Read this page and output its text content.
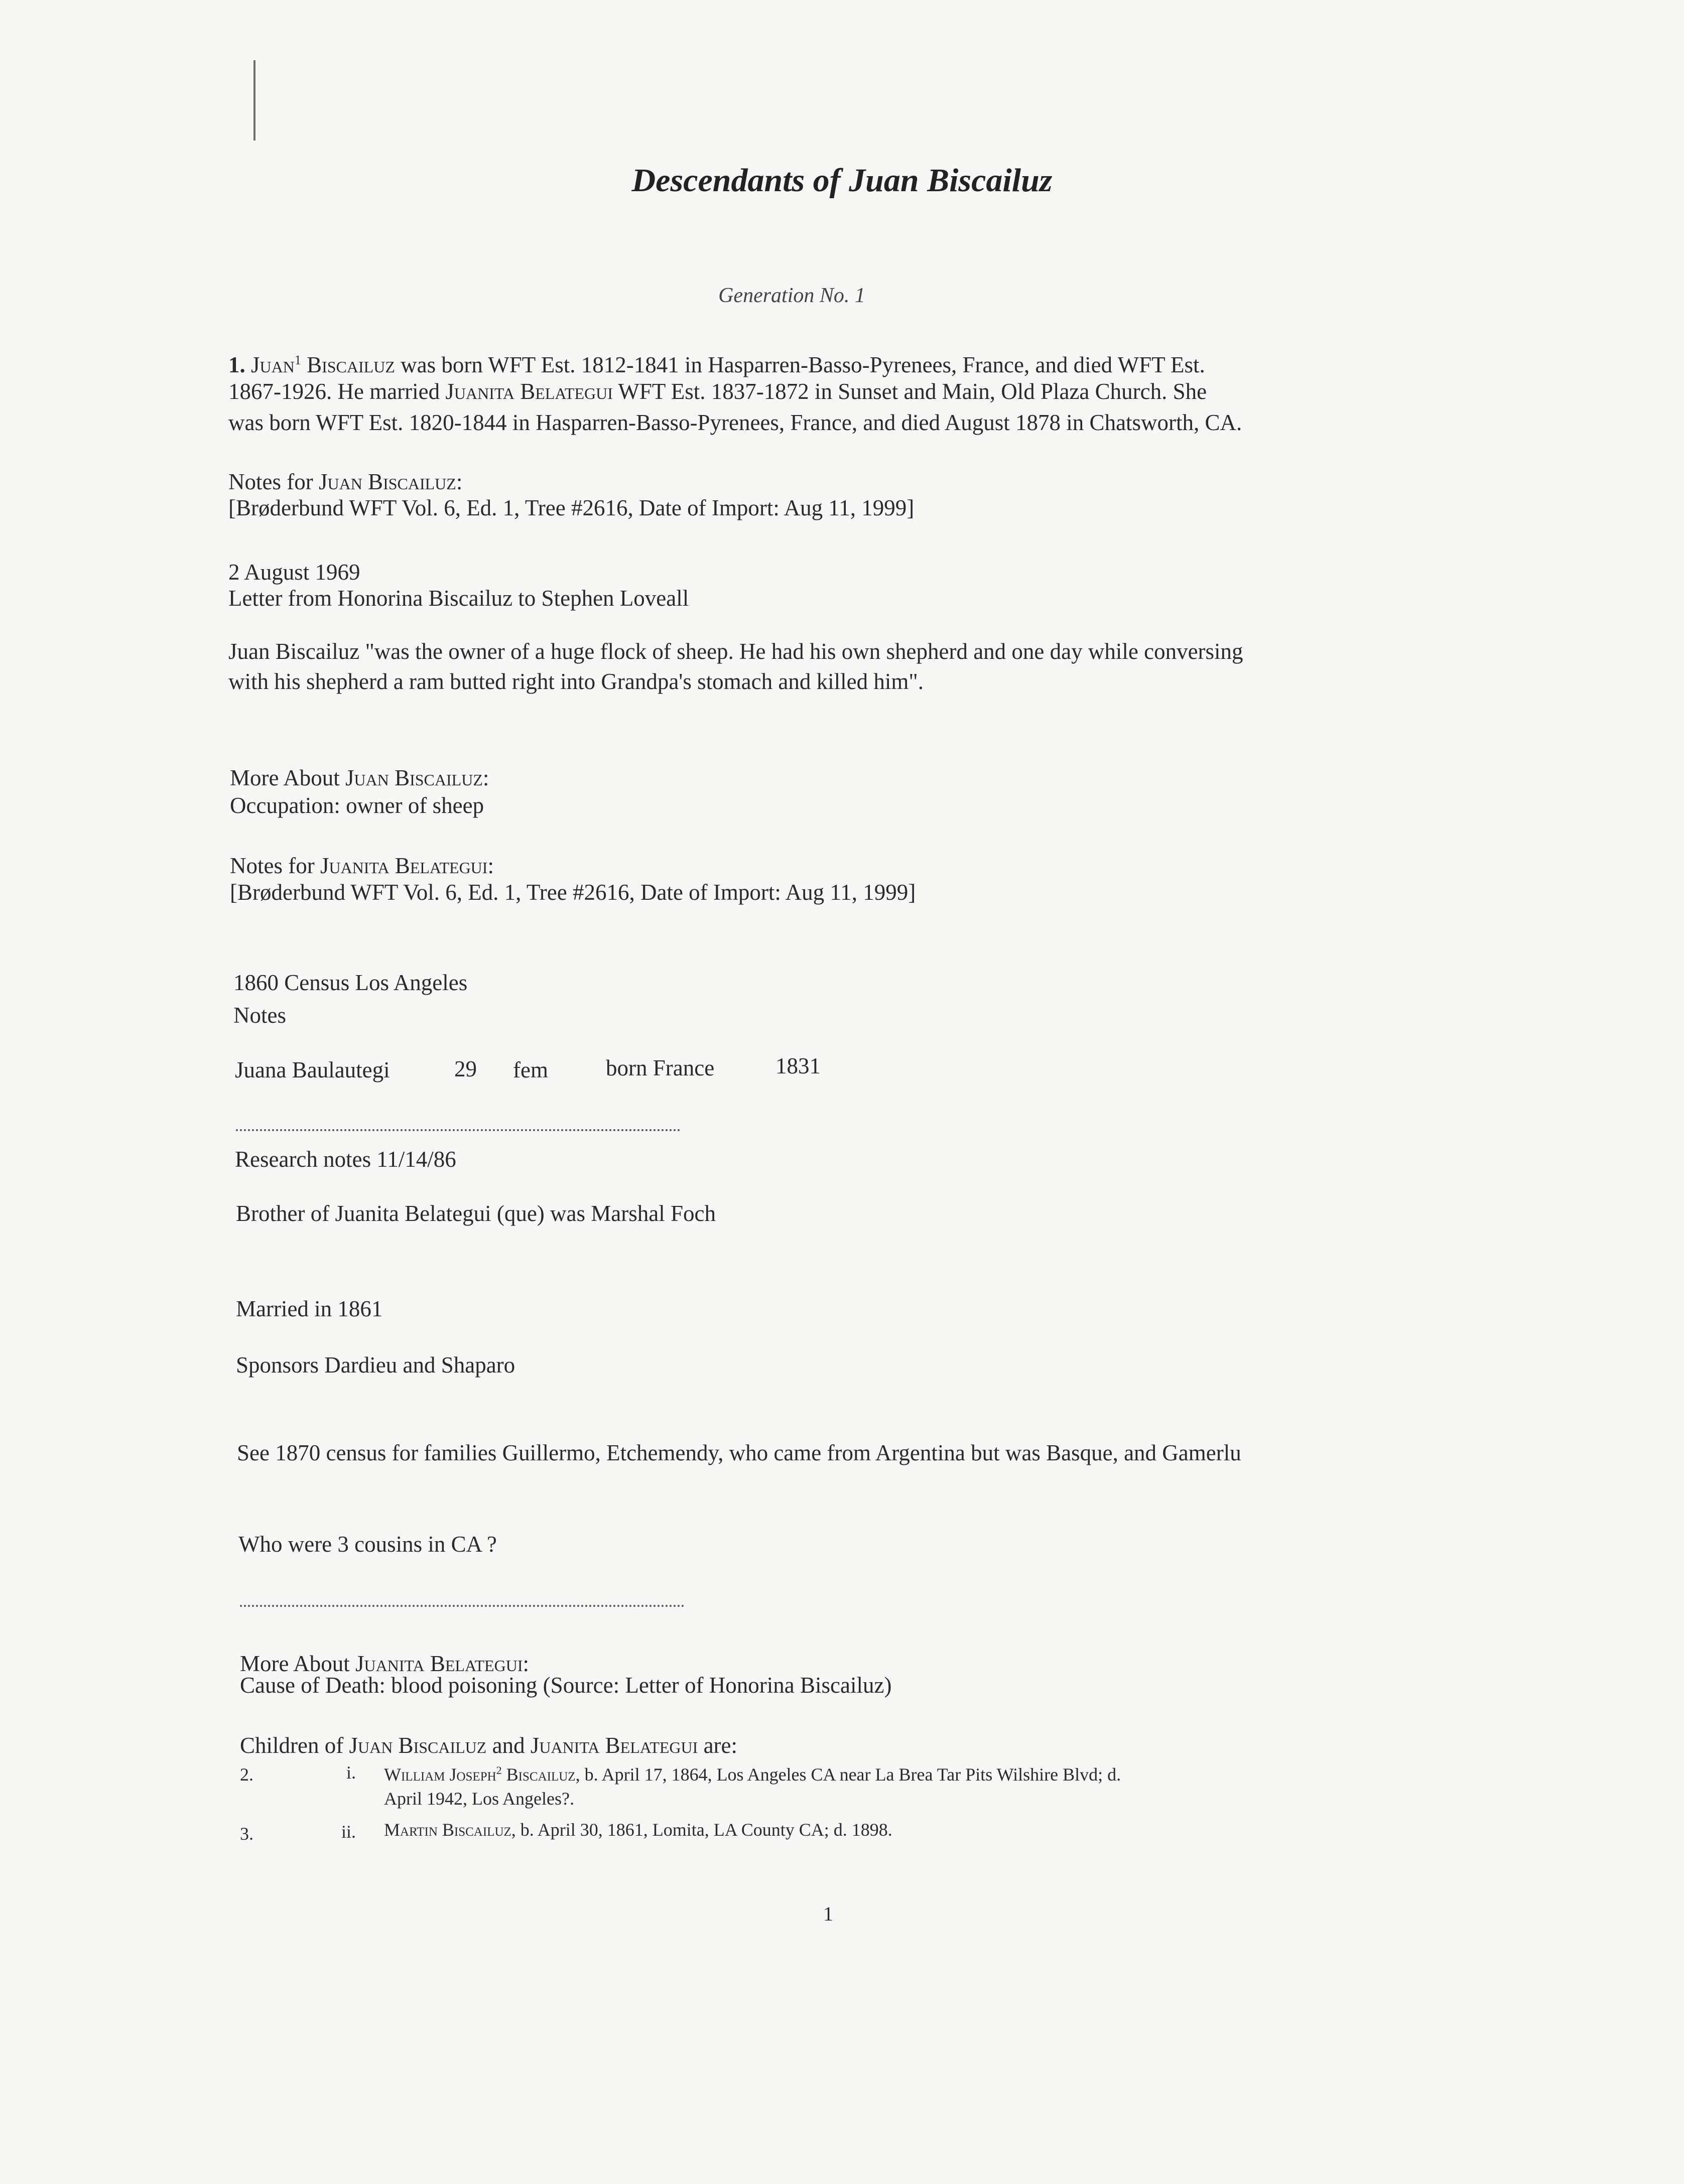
Descendants of Juan Biscailuz
Generation No. 1
1. Juan$^1$ Biscailuz was born WFT Est. 1812-1841 in Hasparren-Basso-Pyrenees, France, and died WFT Est.
1867-1926. He married Juanita Belategui WFT Est. 1837-1872 in Sunset and Main, Old Plaza Church. She
was born WFT Est. 1820-1844 in Hasparren-Basso-Pyrenees, France, and died August 1878 in Chatsworth, CA.
Notes for Juan Biscailuz:
[Brøderbund WFT Vol. 6, Ed. 1, Tree #2616, Date of Import: Aug 11, 1999]
2 August 1969
Letter from Honorina Biscailuz to Stephen Loveall
Juan Biscailuz "was the owner of a huge flock of sheep. He had his own shepherd and one day while conversing
with his shepherd a ram butted right into Grandpa's stomach and killed him".
More About Juan Biscailuz:
Occupation: owner of sheep
Notes for Juanita Belategui:
[Brøderbund WFT Vol. 6, Ed. 1, Tree #2616, Date of Import: Aug 11, 1999]
1860 Census Los Angeles
Notes
Juana Baulautegi	29 fem	born France	1831
Research notes 11/14/86
Brother of Juanita Belategui (que) was Marshal Foch
Married in 1861
Sponsors Dardieu and Shaparo
See 1870 census for families Guillermo, Etchemendy, who came from Argentina but was Basque, and Gamerlu
Who were 3 cousins in CA ?
More About Juanita Belategui:
Cause of Death: blood poisoning (Source: Letter of Honorina Biscailuz)
Children of Juan Biscailuz and Juanita Belategui are:
2.	i. William Joseph$^2$ Biscailuz, b. April 17, 1864, Los Angeles CA near La Brea Tar Pits Wilshire Blvd; d.
April 1942, Los Angeles?.
3.	ii. Martin Biscailuz, b. April 30, 1861, Lomita, LA County CA; d. 1898.
1
